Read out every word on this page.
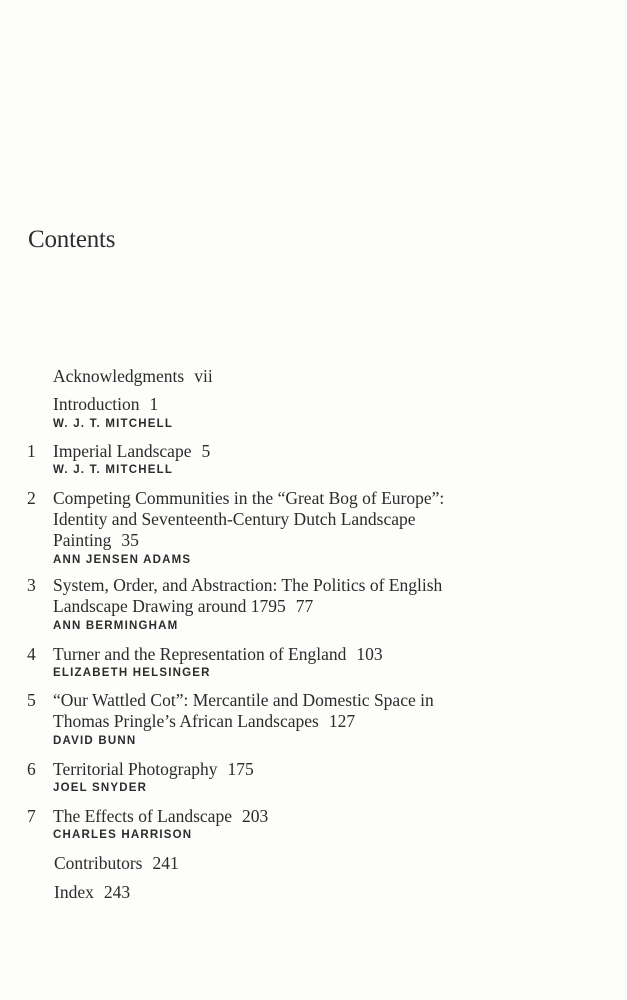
Contents
Acknowledgments vii
Introduction 1
W. J. T. MITCHELL
1 Imperial Landscape 5
W. J. T. MITCHELL
2 Competing Communities in the “Great Bog of Europe”:
Identity and Seventeenth-Century Dutch Landscape
Painting 35
ANN JENSEN ADAMS
3 System, Order, and Abstraction: The Politics of English
Landscape Drawing around 1795 77
ANN BERMINGHAM
4 Turner and the Representation of England 103
ELIZABETH HELSINGER
5 “Our Wattled Cot”: Mercantile and Domestic Space in
Thomas Pringle’s African Landscapes 127
DAVID BUNN
6 Territorial Photography 175
JOEL SNYDER
7 The Effects of Landscape 203
CHARLES HARRISON
Contributors 241
Index 243
